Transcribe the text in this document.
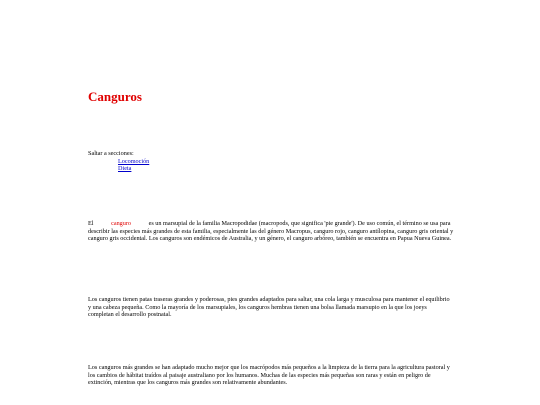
Canguros
Saltar a secciones:
Locomoción
Dieta

El	canguro	es un marsupial de la familia Macropodidae (macropods, que significa 'pie grande'). De uso común, el término se usa para describir las especies más grandes de esta familia, especialmente las del género Macropus, canguro rojo, canguro antílopina, canguro gris oriental y canguro gris occidental. Los canguros son endémicos de Australia, y un género, el canguro arbóreo, también se encuentra en Papua Nueva Guinea.

Los canguros tienen patas traseras grandes y poderosas, pies grandes adaptados para saltar, una cola larga y musculosa para mantener el equilibrio y una cabeza pequeña. Como la mayoría de los marsupiales, los canguros hembras tienen una bolsa llamada marsupio en la que los joeys completan el desarrollo postnatal.

Los canguros más grandes se han adaptado mucho mejor que los macrópodos más pequeños a la limpieza de la tierra para la agricultura pastoral y los cambios de hábitat traídos al paisaje australiano por los humanos. Muchas de las especies más pequeñas son raras y están en peligro de extinción, mientras que los canguros más grandes son relativamente abundantes.
